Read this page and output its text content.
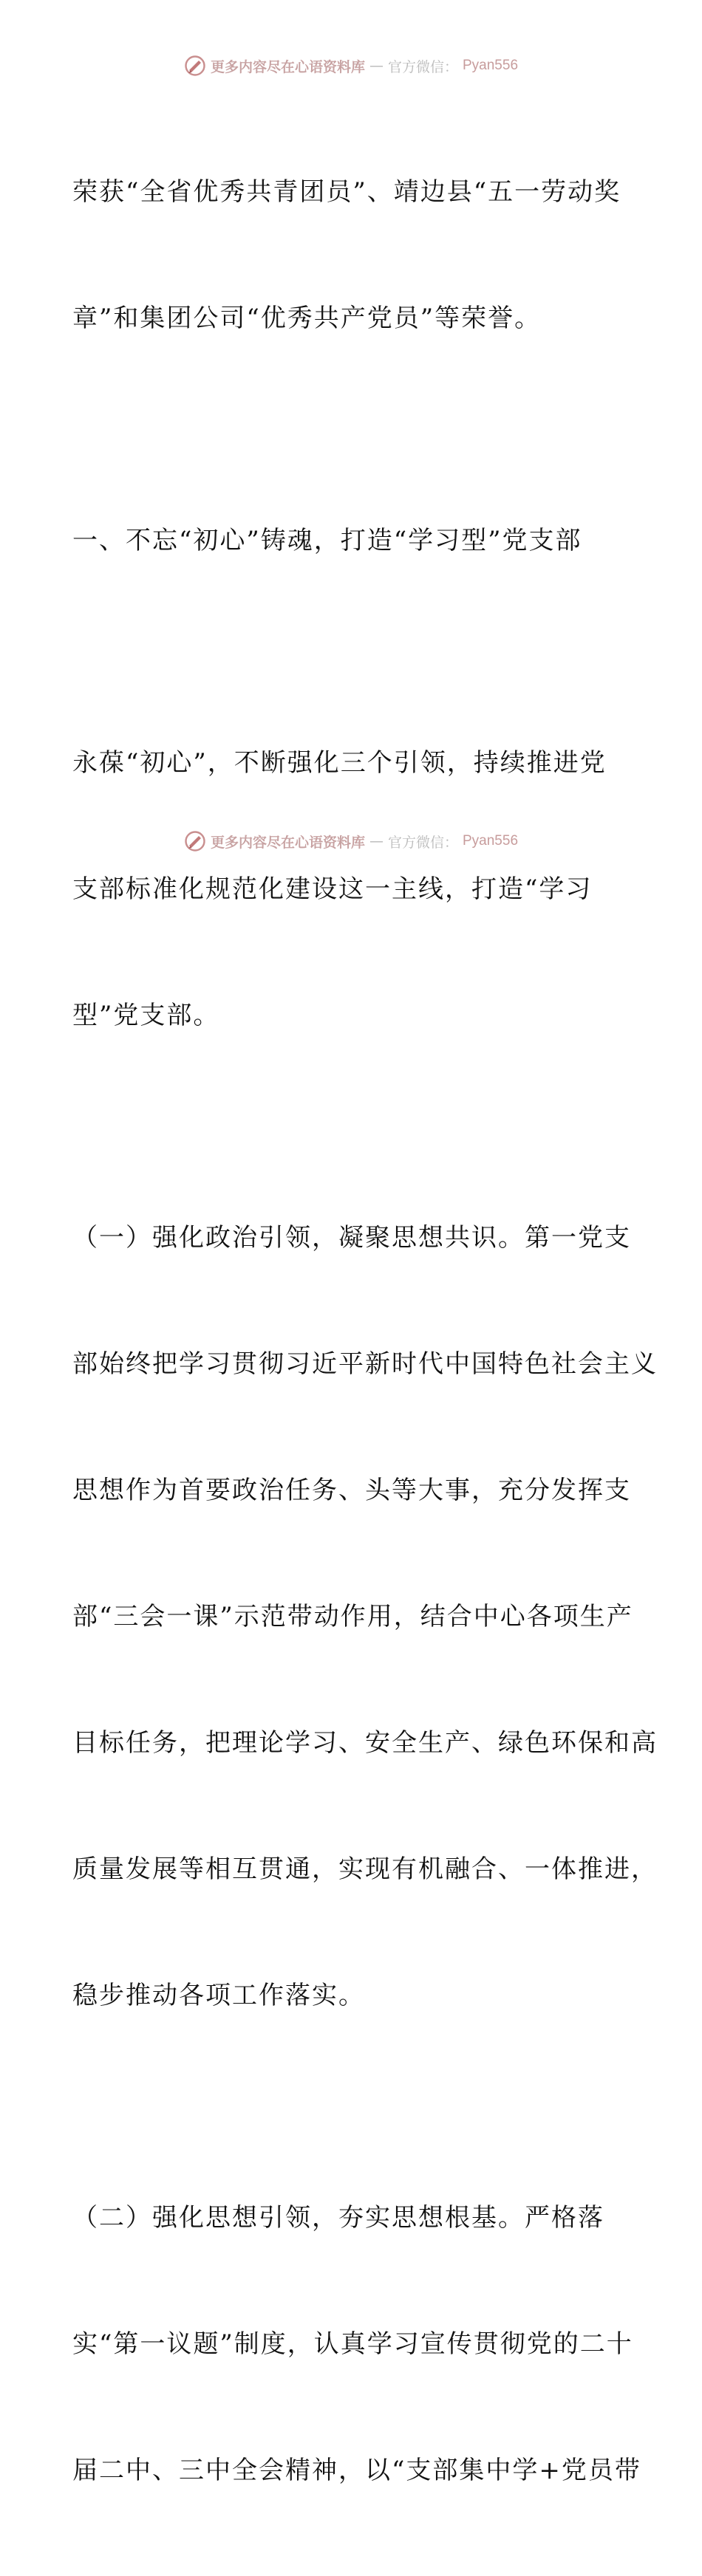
更多内容尽在心语资料库 — 官方微信： Pyan556

荣获“全省优秀共青团员”、靖边县“五一劳动奖

章”和集团公司“优秀共产党员”等荣誉。

一、不忘“初心”铸魂，打造“学习型”党支部

永葆“初心”，不断强化三个引领，持续推进党

支部标准化规范化建设这一主线，打造“学习

型”党支部。

（一）强化政治引领，凝聚思想共识。第一党支

部始终把学习贯彻习近平新时代中国特色社会主义

思想作为首要政治任务、头等大事，充分发挥支

部“三会一课”示范带动作用，结合中心各项生产

目标任务，把理论学习、安全生产、绿色环保和高

质量发展等相互贯通，实现有机融合、一体推进，

稳步推动各项工作落实。

（二）强化思想引领，夯实思想根基。严格落

实“第一议题”制度，认真学习宣传贯彻党的二十

届二中、三中全会精神，以“支部集中学+党员带

更多内容尽在心语资料库 — 官方微信： Pyan556
